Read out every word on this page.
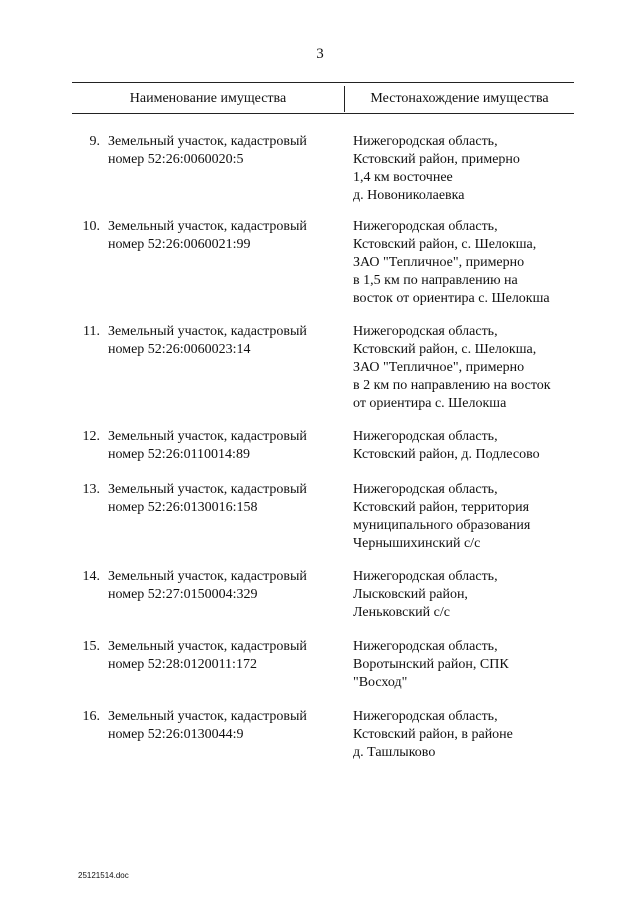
3
Наименование имущества	Местонахождение имущества
9. Земельный участок, кадастровый
номер 52:26:0060020:5
Нижегородская область,
Кстовский район, примерно
1,4 км восточнее
д. Новониколаевка
10. Земельный участок, кадастровый
номер 52:26:0060021:99
Нижегородская область,
Кстовский район, с. Шелокша,
ЗАО "Тепличное", примерно
в 1,5 км по направлению на
восток от ориентира с. Шелокша
11. Земельный участок, кадастровый
номер 52:26:0060023:14
Нижегородская область,
Кстовский район, с. Шелокша,
ЗАО "Тепличное", примерно
в 2 км по направлению на восток
от ориентира с. Шелокша
12. Земельный участок, кадастровый
номер 52:26:0110014:89
Нижегородская область,
Кстовский район, д. Подлесово
13. Земельный участок, кадастровый
номер 52:26:0130016:158
Нижегородская область,
Кстовский район, территория
муниципального образования
Чернышихинский с/с
14. Земельный участок, кадастровый
номер 52:27:0150004:329
Нижегородская область,
Лысковский район,
Леньковский с/с
15. Земельный участок, кадастровый
номер 52:28:0120011:172
Нижегородская область,
Воротынский район, СПК
"Восход"
16. Земельный участок, кадастровый
номер 52:26:0130044:9
Нижегородская область,
Кстовский район, в районе
д. Ташлыково
25121514.doc
